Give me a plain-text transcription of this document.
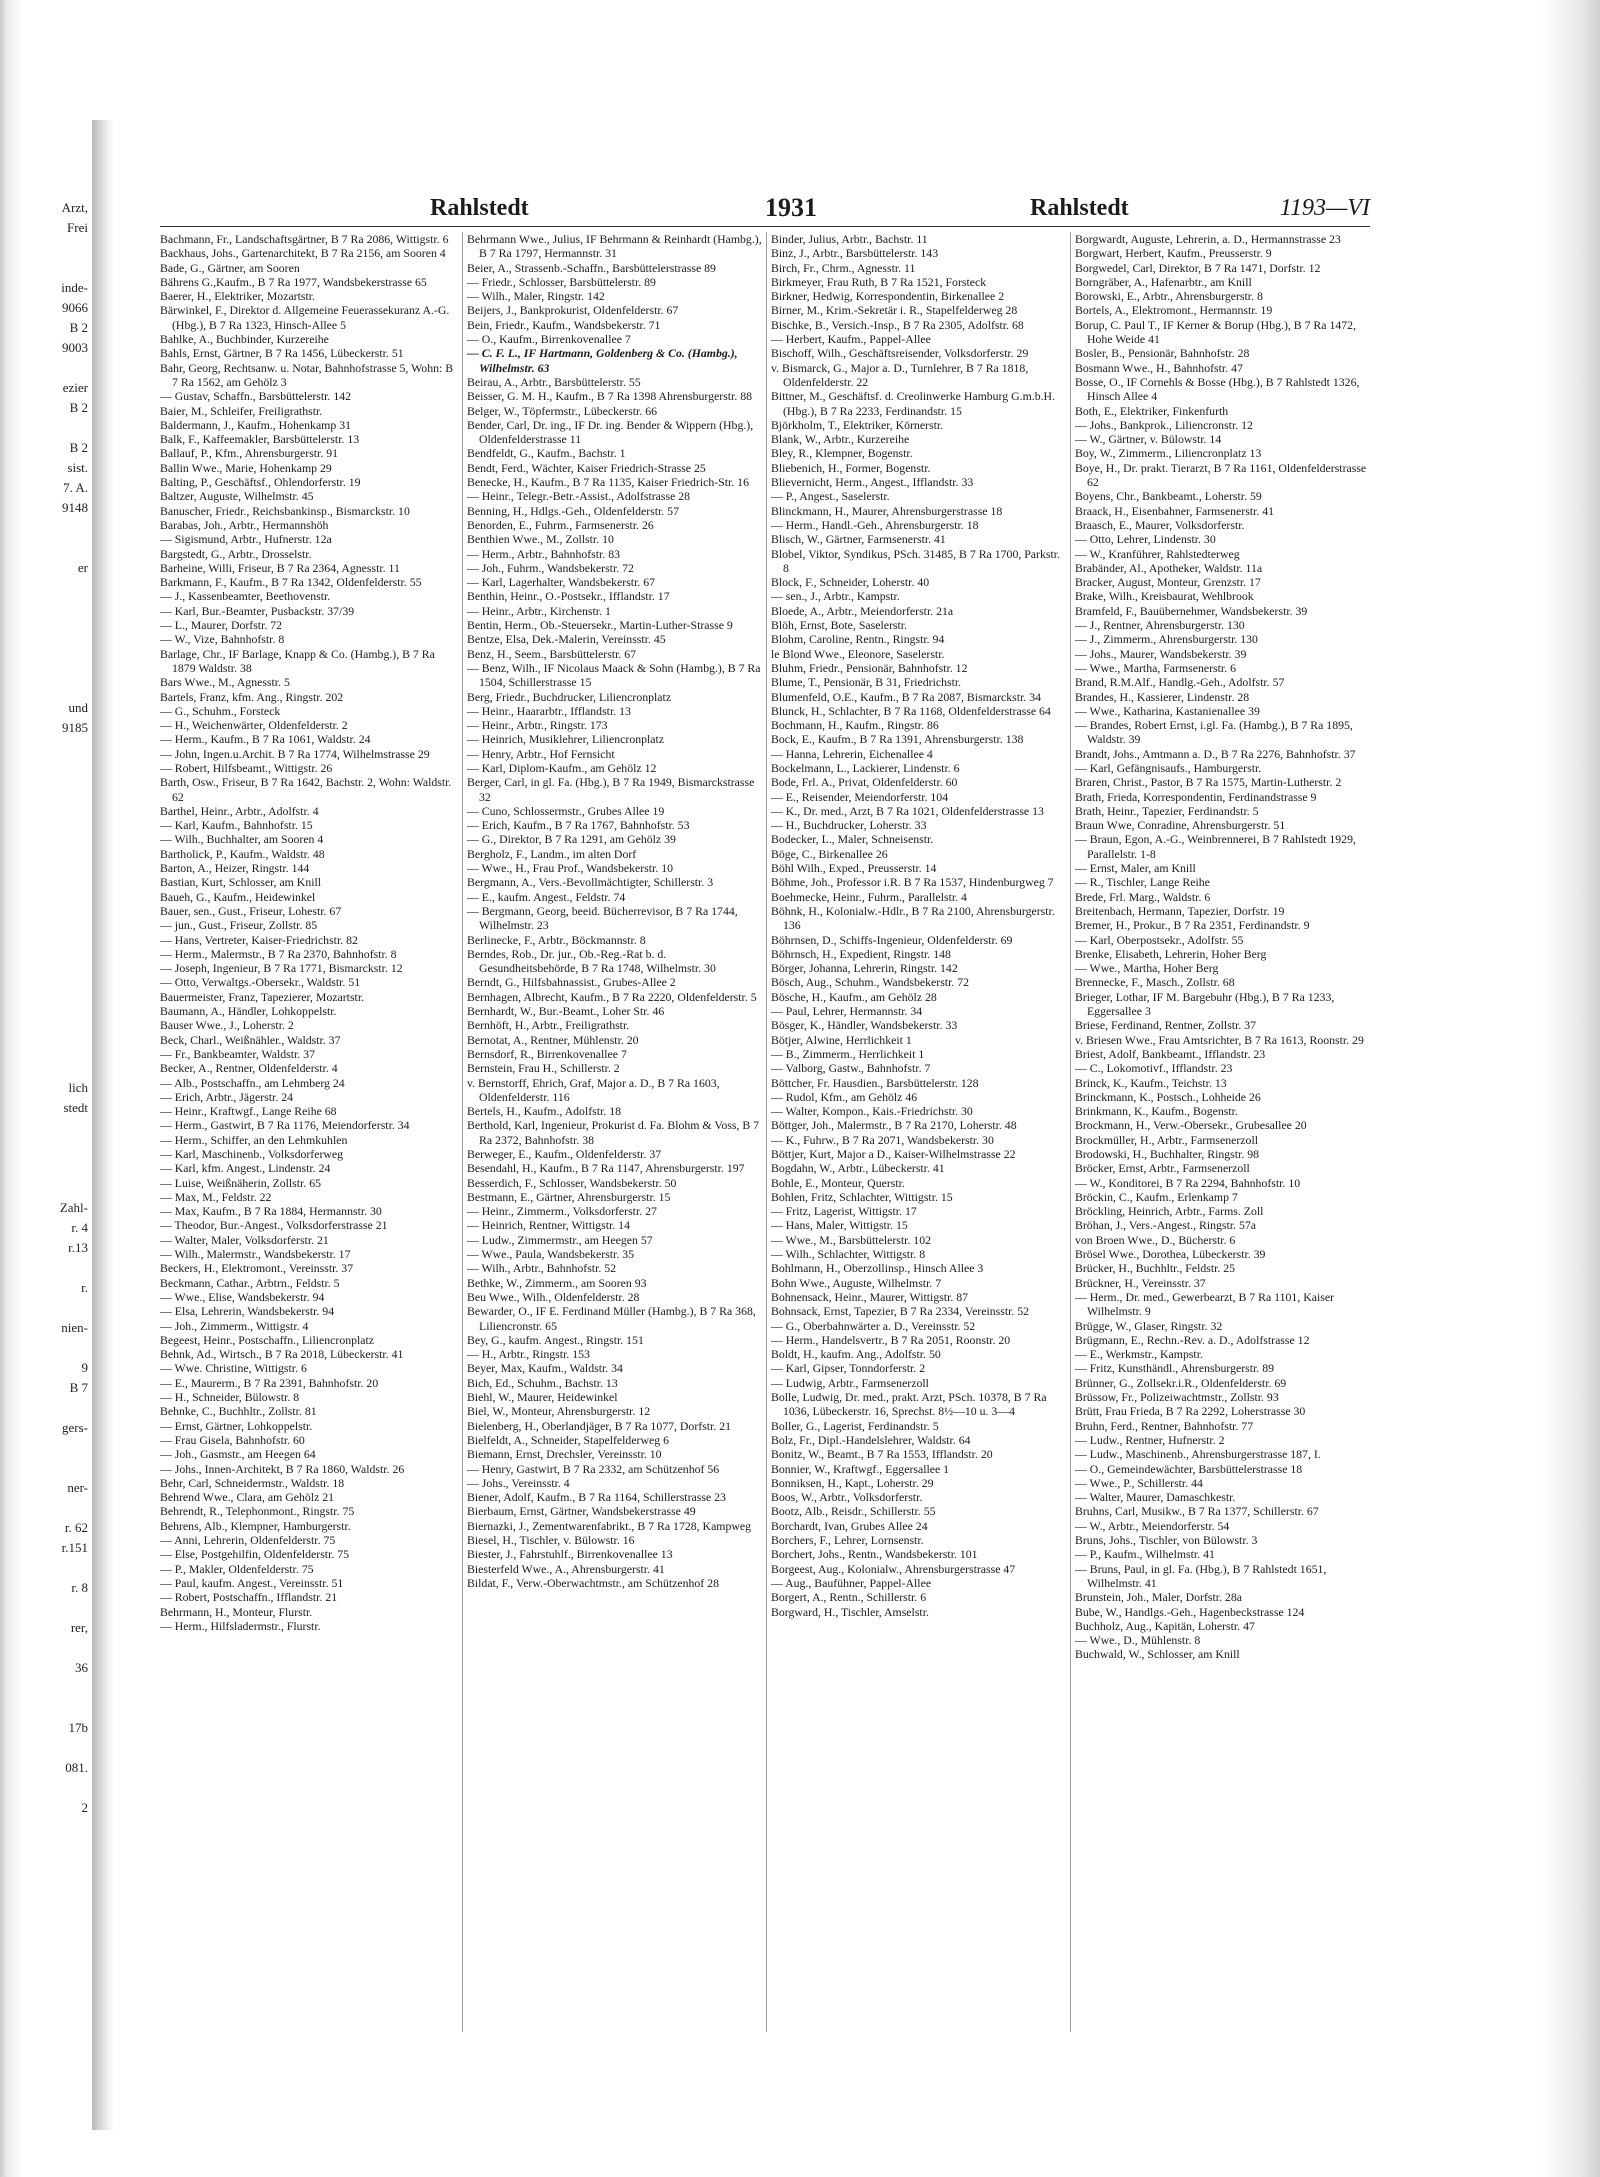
Arzt,
Frei
inde-
9066
B 2
9003
ezier
B 2
B 2
sist.
7. A.
9148
er
und
9185
lich
stedt
Zahl-
r. 4
r.13
r.
nien-
9
B 7
gers-
ner-
r. 62
r.151
r. 8
rer,
36
17b
081.
2
Rahlstedt	1931	Rahlstedt	1193—VI

Bachmann, Fr., Landschaftsgärtner, B 7 Ra 2086, Wittigstr. 6

Backhaus, Johs., Gartenarchitekt, B 7 Ra 2156, am Sooren 4

Bade, G., Gärtner, am Sooren

Bährens G.,Kaufm., B 7 Ra 1977, Wandsbekerstrasse 65

Baerer, H., Elektriker, Mozartstr.

Bärwinkel, F., Direktor d. Allgemeine Feuerassekuranz A.-G. (Hbg.), B 7 Ra 1323, Hinsch-Allee 5

Bahlke, A., Buchbinder, Kurzereihe

Bahls, Ernst, Gärtner, B 7 Ra 1456, Lübeckerstr. 51

Bahr, Georg, Rechtsanw. u. Notar, Bahnhofstrasse 5, Wohn: B 7 Ra 1562, am Gehölz 3

— Gustav, Schaffn., Barsbüttelerstr. 142

Baier, M., Schleifer, Freiligrathstr.

Baldermann, J., Kaufm., Hohenkamp 31

Balk, F., Kaffeemakler, Barsbüttelerstr. 13

Ballauf, P., Kfm., Ahrensburgerstr. 91

Ballin Wwe., Marie, Hohenkamp 29

Balting, P., Geschäftsf., Ohlendorferstr. 19

Baltzer, Auguste, Wilhelmstr. 45

Banuscher, Friedr., Reichsbankinsp., Bismarckstr. 10

Barabas, Joh., Arbtr., Hermannshöh

— Sigismund, Arbtr., Hufnerstr. 12a

Bargstedt, G., Arbtr., Drosselstr.

Barheine, Willi, Friseur, B 7 Ra 2364, Agnesstr. 11

Barkmann, F., Kaufm., B 7 Ra 1342, Oldenfelderstr. 55

— J., Kassenbeamter, Beethovenstr.

— Karl, Bur.-Beamter, Pusbackstr. 37/39

— L., Maurer, Dorfstr. 72

— W., Vize, Bahnhofstr. 8

Barlage, Chr., IF Barlage, Knapp & Co. (Hambg.), B 7 Ra 1879 Waldstr. 38

Bars Wwe., M., Agnesstr. 5

Bartels, Franz, kfm. Ang., Ringstr. 202

— G., Schuhm., Forsteck

— H., Weichenwärter, Oldenfelderstr. 2

— Herm., Kaufm., B 7 Ra 1061, Waldstr. 24

— John, Ingen.u.Archit. B 7 Ra 1774, Wilhelmstrasse 29

— Robert, Hilfsbeamt., Wittigstr. 26

Barth, Osw., Friseur, B 7 Ra 1642, Bachstr. 2, Wohn: Waldstr. 62

Barthel, Heinr., Arbtr., Adolfstr. 4

— Karl, Kaufm., Bahnhofstr. 15

— Wilh., Buchhalter, am Sooren 4

Bartholick, P., Kaufm., Waldstr. 48

Barton, A., Heizer, Ringstr. 144

Bastian, Kurt, Schlosser, am Knill

Baueh, G., Kaufm., Heidewinkel

Bauer, sen., Gust., Friseur, Lohestr. 67

— jun., Gust., Friseur, Zollstr. 85

— Hans, Vertreter, Kaiser-Friedrichstr. 82

— Herm., Malermstr., B 7 Ra 2370, Bahnhofstr. 8

— Joseph, Ingenieur, B 7 Ra 1771, Bismarckstr. 12

— Otto, Verwaltgs.-Obersekr., Waldstr. 51

Bauermeister, Franz, Tapezierer, Mozartstr.

Baumann, A., Händler, Lohkoppelstr.

Bauser Wwe., J., Loherstr. 2

Beck, Charl., Weißnähler., Waldstr. 37

— Fr., Bankbeamter, Waldstr. 37

Becker, A., Rentner, Oldenfelderstr. 4

— Alb., Postschaffn., am Lehmberg 24

— Erich, Arbtr., Jägerstr. 24

— Heinr., Kraftwgf., Lange Reihe 68

— Herm., Gastwirt, B 7 Ra 1176, Meiendorferstr. 34

— Herm., Schiffer, an den Lehmkuhlen

— Karl, Maschinenb., Volksdorferweg

— Karl, kfm. Angest., Lindenstr. 24

— Luise, Weißnäherin, Zollstr. 65

— Max, M., Feldstr. 22

— Max, Kaufm., B 7 Ra 1884, Hermannstr. 30

— Theodor, Bur.-Angest., Volksdorferstrasse 21

— Walter, Maler, Volksdorferstr. 21

— Wilh., Malermstr., Wandsbekerstr. 17

Beckers, H., Elektromont., Vereinsstr. 37

Beckmann, Cathar., Arbtrn., Feldstr. 5

— Wwe., Elise, Wandsbekerstr. 94

— Elsa, Lehrerin, Wandsbekerstr. 94

— Joh., Zimmerm., Wittigstr. 4

Begeest, Heinr., Postschaffn., Liliencronplatz

Behnk, Ad., Wirtsch., B 7 Ra 2018, Lübeckerstr. 41

— Wwe. Christine, Wittigstr. 6

— E., Maurerm., B 7 Ra 2391, Bahnhofstr. 20

— H., Schneider, Bülowstr. 8

Behnke, C., Buchhltr., Zollstr. 81

— Ernst, Gärtner, Lohkoppelstr.

— Frau Gisela, Bahnhofstr. 60

— Joh., Gasmstr., am Heegen 64

— Johs., Innen-Architekt, B 7 Ra 1860, Waldstr. 26

Behr, Carl, Schneidermstr., Waldstr. 18

Behrend Wwe., Clara, am Gehölz 21

Behrendt, R., Telephonmont., Ringstr. 75

Behrens, Alb., Klempner, Hamburgerstr.

— Anni, Lehrerin, Oldenfelderstr. 75

— Else, Postgehilfin, Oldenfelderstr. 75

— P., Makler, Oldenfelderstr. 75

— Paul, kaufm. Angest., Vereinsstr. 51

— Robert, Postschaffn., Ifflandstr. 21

Behrmann, H., Monteur, Flurstr.

— Herm., Hilfsladermstr., Flurstr.

Behrmann Wwe., Julius, IF Behrmann & Reinhardt (Hambg.), B 7 Ra 1797, Hermannstr. 31

Beier, A., Strassenb.-Schaffn., Barsbüttelerstrasse 89

— Friedr., Schlosser, Barsbüttelerstr. 89

— Wilh., Maler, Ringstr. 142

Beijers, J., Bankprokurist, Oldenfelderstr. 67

Bein, Friedr., Kaufm., Wandsbekerstr. 71

— O., Kaufm., Birrenkovenallee 7

— C. F. L., IF Hartmann, Goldenberg & Co. (Hambg.), Wilhelmstr. 63

Beirau, A., Arbtr., Barsbüttelerstr. 55

Beisser, G. M. H., Kaufm., B 7 Ra 1398 Ahrensburgerstr. 88

Belger, W., Töpfermstr., Lübeckerstr. 66

Bender, Carl, Dr. ing., IF Dr. ing. Bender & Wippern (Hbg.), Oldenfelderstrasse 11

Bendfeldt, G., Kaufm., Bachstr. 1

Bendt, Ferd., Wächter, Kaiser Friedrich-Strasse 25

Benecke, H., Kaufm., B 7 Ra 1135, Kaiser Friedrich-Str. 16

— Heinr., Telegr.-Betr.-Assist., Adolfstrasse 28

Benning, H., Hdlgs.-Geh., Oldenfelderstr. 57

Benorden, E., Fuhrm., Farmsenerstr. 26

Benthien Wwe., M., Zollstr. 10

— Herm., Arbtr., Bahnhofstr. 83

— Joh., Fuhrm., Wandsbekerstr. 72

— Karl, Lagerhalter, Wandsbekerstr. 67

Benthin, Heinr., O.-Postsekr., Ifflandstr. 17

— Heinr., Arbtr., Kirchenstr. 1

Bentin, Herm., Ob.-Steuersekr., Martin-Luther-Strasse 9

Bentze, Elsa, Dek.-Malerin, Vereinsstr. 45

Benz, H., Seem., Barsbüttelerstr. 67

— Benz, Wilh., IF Nicolaus Maack & Sohn (Hambg.), B 7 Ra 1504, Schillerstrasse 15

Berg, Friedr., Buchdrucker, Liliencronplatz

— Heinr., Haararbtr., Ifflandstr. 13

— Heinr., Arbtr., Ringstr. 173

— Heinrich, Musiklehrer, Liliencronplatz

— Henry, Arbtr., Hof Fernsicht

— Karl, Diplom-Kaufm., am Gehölz 12

Berger, Carl, in gl. Fa. (Hbg.), B 7 Ra 1949, Bismarckstrasse 32

— Cuno, Schlossermstr., Grubes Allee 19

— Erich, Kaufm., B 7 Ra 1767, Bahnhofstr. 53

— G., Direktor, B 7 Ra 1291, am Gehölz 39

Bergholz, F., Landm., im alten Dorf

— Wwe., H., Frau Prof., Wandsbekerstr. 10

Bergmann, A., Vers.-Bevollmächtigter, Schillerstr. 3

— E., kaufm. Angest., Feldstr. 74

— Bergmann, Georg, beeid. Bücherrevisor, B 7 Ra 1744, Wilhelmstr. 23

Berlinecke, F., Arbtr., Böckmannstr. 8

Berndes, Rob., Dr. jur., Ob.-Reg.-Rat b. d. Gesundheitsbehörde, B 7 Ra 1748, Wilhelmstr. 30

Berndt, G., Hilfsbahnassist., Grubes-Allee 2

Bernhagen, Albrecht, Kaufm., B 7 Ra 2220, Oldenfelderstr. 5

Bernhardt, W., Bur.-Beamt., Loher Str. 46

Bernhöft, H., Arbtr., Freiligrathstr.

Bernotat, A., Rentner, Mühlenstr. 20

Bernsdorf, R., Birrenkovenallee 7

Bernstein, Frau H., Schillerstr. 2

v. Bernstorff, Ehrich, Graf, Major a. D., B 7 Ra 1603, Oldenfelderstr. 116

Bertels, H., Kaufm., Adolfstr. 18

Berthold, Karl, Ingenieur, Prokurist d. Fa. Blohm & Voss, B 7 Ra 2372, Bahnhofstr. 38

Berweger, E., Kaufm., Oldenfelderstr. 37

Besendahl, H., Kaufm., B 7 Ra 1147, Ahrensburgerstr. 197

Besserdich, F., Schlosser, Wandsbekerstr. 50

Bestmann, E., Gärtner, Ahrensburgerstr. 15

— Heinr., Zimmerm., Volksdorferstr. 27

— Heinrich, Rentner, Wittigstr. 14

— Ludw., Zimmermstr., am Heegen 57

— Wwe., Paula, Wandsbekerstr. 35

— Wilh., Arbtr., Bahnhofstr. 52

Bethke, W., Zimmerm., am Sooren 93

Beu Wwe., Wilh., Oldenfelderstr. 28

Bewarder, O., IF E. Ferdinand Müller (Hambg.), B 7 Ra 368, Liliencronstr. 65

Bey, G., kaufm. Angest., Ringstr. 151

— H., Arbtr., Ringstr. 153

Beyer, Max, Kaufm., Waldstr. 34

Bich, Ed., Schuhm., Bachstr. 13

Biehl, W., Maurer, Heidewinkel

Biel, W., Monteur, Ahrensburgerstr. 12

Bielenberg, H., Oberlandjäger, B 7 Ra 1077, Dorfstr. 21

Bielfeldt, A., Schneider, Stapelfelderweg 6

Biemann, Ernst, Drechsler, Vereinsstr. 10

— Henry, Gastwirt, B 7 Ra 2332, am Schützenhof 56

— Johs., Vereinsstr. 4

Biener, Adolf, Kaufm., B 7 Ra 1164, Schillerstrasse 23

Bierbaum, Ernst, Gärtner, Wandsbekerstrasse 49

Biernazki, J., Zementwarenfabrikt., B 7 Ra 1728, Kampweg

Biesel, H., Tischler, v. Bülowstr. 16

Biester, J., Fahrstuhlf., Birrenkovenallee 13

Biesterfeld Wwe., A., Ahrensburgerstr. 41

Bildat, F., Verw.-Oberwachtmstr., am Schützenhof 28

Binder, Julius, Arbtr., Bachstr. 11

Binz, J., Arbtr., Barsbüttelerstr. 143

Birch, Fr., Chrm., Agnesstr. 11

Birkmeyer, Frau Ruth, B 7 Ra 1521, Forsteck

Birkner, Hedwig, Korrespondentin, Birkenallee 2

Birner, M., Krim.-Sekretär i. R., Stapelfelderweg 28

Bischke, B., Versich.-Insp., B 7 Ra 2305, Adolfstr. 68

— Herbert, Kaufm., Pappel-Allee

Bischoff, Wilh., Geschäftsreisender, Volksdorferstr. 29

v. Bismarck, G., Major a. D., Turnlehrer, B 7 Ra 1818, Oldenfelderstr. 22

Bittner, M., Geschäftsf. d. Creolinwerke Hamburg G.m.b.H. (Hbg.), B 7 Ra 2233, Ferdinandstr. 15

Björkholm, T., Elektriker, Körnerstr.

Blank, W., Arbtr., Kurzereihe

Bley, R., Klempner, Bogenstr.

Bliebenich, H., Former, Bogenstr.

Blievernicht, Herm., Angest., Ifflandstr. 33

— P., Angest., Saselerstr.

Blinckmann, H., Maurer, Ahrensburgerstrasse 18

— Herm., Handl.-Geh., Ahrensburgerstr. 18

Blisch, W., Gärtner, Farmsenerstr. 41

Blobel, Viktor, Syndikus, PSch. 31485, B 7 Ra 1700, Parkstr. 8

Block, F., Schneider, Loherstr. 40

— sen., J., Arbtr., Kampstr.

Bloede, A., Arbtr., Meiendorferstr. 21a

Blöh, Ernst, Bote, Saselerstr.

Blohm, Caroline, Rentn., Ringstr. 94

le Blond Wwe., Eleonore, Saselerstr.

Bluhm, Friedr., Pensionär, Bahnhofstr. 12

Blume, T., Pensionär, B 31, Friedrichstr.

Blumenfeld, O.E., Kaufm., B 7 Ra 2087, Bismarckstr. 34

Blunck, H., Schlachter, B 7 Ra 1168, Oldenfelderstrasse 64

Bochmann, H., Kaufm., Ringstr. 86

Bock, E., Kaufm., B 7 Ra 1391, Ahrensburgerstr. 138

— Hanna, Lehrerin, Eichenallee 4

Bockelmann, L., Lackierer, Lindenstr. 6

Bode, Frl. A., Privat, Oldenfelderstr. 60

— E., Reisender, Meiendorferstr. 104

— K., Dr. med., Arzt, B 7 Ra 1021, Oldenfelderstrasse 13

— H., Buchdrucker, Loherstr. 33

Bodecker, L., Maler, Schneisenstr.

Böge, C., Birkenallee 26

Böhl Wilh., Exped., Preusserstr. 14

Böhme, Joh., Professor i.R. B 7 Ra 1537, Hindenburgweg 7

Boehmecke, Heinr., Fuhrm., Parallelstr. 4

Böhnk, H., Kolonialw.-Hdlr., B 7 Ra 2100, Ahrensburgerstr. 136

Böhrnsen, D., Schiffs-Ingenieur, Oldenfelderstr. 69

Böhrnsch, H., Expedient, Ringstr. 148

Börger, Johanna, Lehrerin, Ringstr. 142

Bösch, Aug., Schuhm., Wandsbekerstr. 72

Bösche, H., Kaufm., am Gehölz 28

— Paul, Lehrer, Hermannstr. 34

Bösger, K., Händler, Wandsbekerstr. 33

Bötjer, Alwine, Herrlichkeit 1

— B., Zimmerm., Herrlichkeit 1

— Valborg, Gastw., Bahnhofstr. 7

Böttcher, Fr. Hausdien., Barsbüttelerstr. 128

— Rudol, Kfm., am Gehölz 46

— Walter, Kompon., Kais.-Friedrichstr. 30

Böttger, Joh., Malermstr., B 7 Ra 2170, Loherstr. 48

— K., Fuhrw., B 7 Ra 2071, Wandsbekerstr. 30

Böttjer, Kurt, Major a D., Kaiser-Wilhelmstrasse 22

Bogdahn, W., Arbtr., Lübeckerstr. 41

Bohle, E., Monteur, Querstr.

Bohlen, Fritz, Schlachter, Wittigstr. 15

— Fritz, Lagerist, Wittigstr. 17

— Hans, Maler, Wittigstr. 15

— Wwe., M., Barsbüttelerstr. 102

— Wilh., Schlachter, Wittigstr. 8

Bohlmann, H., Oberzollinsp., Hinsch Allee 3

Bohn Wwe., Auguste, Wilhelmstr. 7

Bohnensack, Heinr., Maurer, Wittigstr. 87

Bohnsack, Ernst, Tapezier, B 7 Ra 2334, Vereinsstr. 52

— G., Oberbahnwärter a. D., Vereinsstr. 52

— Herm., Handelsvertr., B 7 Ra 2051, Roonstr. 20

Boldt, H., kaufm. Ang., Adolfstr. 50

— Karl, Gipser, Tonndorferstr. 2

— Ludwig, Arbtr., Farmsenerzoll

Bolle, Ludwig, Dr. med., prakt. Arzt, PSch. 10378, B 7 Ra 1036, Lübeckerstr. 16, Sprechst. 8½—10 u. 3—4

Boller, G., Lagerist, Ferdinandstr. 5

Bolz, Fr., Dipl.-Handelslehrer, Waldstr. 64

Bonitz, W., Beamt., B 7 Ra 1553, Ifflandstr. 20

Bonnier, W., Kraftwgf., Eggersallee 1

Bonniksen, H., Kapt., Loherstr. 29

Boos, W., Arbtr., Volksdorferstr.

Bootz, Alb., Reisdr., Schillerstr. 55

Borchardt, Ivan, Grubes Allee 24

Borchers, F., Lehrer, Lornsenstr.

Borchert, Johs., Rentn., Wandsbekerstr. 101

Borgeest, Aug., Kolonialw., Ahrensburgerstrasse 47

— Aug., Baufühner, Pappel-Allee

Borgert, A., Rentn., Schillerstr. 6

Borgward, H., Tischler, Amselstr.

Borgwardt, Auguste, Lehrerin, a. D., Hermannstrasse 23

Borgwart, Herbert, Kaufm., Preusserstr. 9

Borgwedel, Carl, Direktor, B 7 Ra 1471, Dorfstr. 12

Borngräber, A., Hafenarbtr., am Knill

Borowski, E., Arbtr., Ahrensburgerstr. 8

Bortels, A., Elektromont., Hermannstr. 19

Borup, C. Paul T., IF Kerner & Borup (Hbg.), B 7 Ra 1472, Hohe Weide 41

Bosler, B., Pensionär, Bahnhofstr. 28

Bosmann Wwe., H., Bahnhofstr. 47

Bosse, O., IF Cornehls & Bosse (Hbg.), B 7 Rahlstedt 1326, Hinsch Allee 4

Both, E., Elektriker, Finkenfurth

— Johs., Bankprok., Liliencronstr. 12

— W., Gärtner, v. Bülowstr. 14

Boy, W., Zimmerm., Liliencronplatz 13

Boye, H., Dr. prakt. Tierarzt, B 7 Ra 1161, Oldenfelderstrasse 62

Boyens, Chr., Bankbeamt., Loherstr. 59

Braack, H., Eisenbahner, Farmsenerstr. 41

Braasch, E., Maurer, Volksdorferstr.

— Otto, Lehrer, Lindenstr. 30

— W., Kranführer, Rahlstedterweg

Brabänder, Al., Apotheker, Waldstr. 11a

Bracker, August, Monteur, Grenzstr. 17

Brake, Wilh., Kreisbaurat, Wehlbrook

Bramfeld, F., Bauübernehmer, Wandsbekerstr. 39

— J., Rentner, Ahrensburgerstr. 130

— J., Zimmerm., Ahrensburgerstr. 130

— Johs., Maurer, Wandsbekerstr. 39

— Wwe., Martha, Farmsenerstr. 6

Brand, R.M.Alf., Handlg.-Geh., Adolfstr. 57

Brandes, H., Kassierer, Lindenstr. 28

— Wwe., Katharina, Kastanienallee 39

— Brandes, Robert Ernst, i.gl. Fa. (Hambg.), B 7 Ra 1895, Waldstr. 39

Brandt, Johs., Amtmann a. D., B 7 Ra 2276, Bahnhofstr. 37

— Karl, Gefängnisaufs., Hamburgerstr.

Braren, Christ., Pastor, B 7 Ra 1575, Martin-Lutherstr. 2

Brath, Frieda, Korrespondentin, Ferdinandstrasse 9

Brath, Heinr., Tapezier, Ferdinandstr. 5

Braun Wwe, Conradine, Ahrensburgerstr. 51

— Braun, Egon, A.-G., Weinbrennerei, B 7 Rahlstedt 1929, Parallelstr. 1-8

— Ernst, Maler, am Knill

— R., Tischler, Lange Reihe

Brede, Frl. Marg., Waldstr. 6

Breitenbach, Hermann, Tapezier, Dorfstr. 19

Bremer, H., Prokur., B 7 Ra 2351, Ferdinandstr. 9

— Karl, Oberpostsekr., Adolfstr. 55

Brenke, Elisabeth, Lehrerin, Hoher Berg

— Wwe., Martha, Hoher Berg

Brennecke, F., Masch., Zollstr. 68

Brieger, Lothar, IF M. Bargebuhr (Hbg.), B 7 Ra 1233, Eggersallee 3

Briese, Ferdinand, Rentner, Zollstr. 37

v. Briesen Wwe., Frau Amtsrichter, B 7 Ra 1613, Roonstr. 29

Briest, Adolf, Bankbeamt., Ifflandstr. 23

— C., Lokomotivf., Ifflandstr. 23

Brinck, K., Kaufm., Teichstr. 13

Brinckmann, K., Postsch., Lohheide 26

Brinkmann, K., Kaufm., Bogenstr.

Brockmann, H., Verw.-Obersekr., Grubesallee 20

Brockmüller, H., Arbtr., Farmsenerzoll

Brodowski, H., Buchhalter, Ringstr. 98

Bröcker, Ernst, Arbtr., Farmsenerzoll

— W., Konditorei, B 7 Ra 2294, Bahnhofstr. 10

Bröckin, C., Kaufm., Erlenkamp 7

Bröckling, Heinrich, Arbtr., Farms. Zoll

Bröhan, J., Vers.-Angest., Ringstr. 57a

von Broen Wwe., D., Bücherstr. 6

Brösel Wwe., Dorothea, Lübeckerstr. 39

Brücker, H., Buchhltr., Feldstr. 25

Brückner, H., Vereinsstr. 37

— Herm., Dr. med., Gewerbearzt, B 7 Ra 1101, Kaiser Wilhelmstr. 9

Brügge, W., Glaser, Ringstr. 32

Brügmann, E., Rechn.-Rev. a. D., Adolfstrasse 12

— E., Werkmstr., Kampstr.

— Fritz, Kunsthändl., Ahrensburgerstr. 89

Brünner, G., Zollsekr.i.R., Oldenfelderstr. 69

Brüssow, Fr., Polizeiwachtmstr., Zollstr. 93

Brütt, Frau Frieda, B 7 Ra 2292, Loherstrasse 30

Bruhn, Ferd., Rentner, Bahnhofstr. 77

— Ludw., Rentner, Hufnerstr. 2

— Ludw., Maschinenb., Ahrensburgerstrasse 187, I.

— O., Gemeindewächter, Barsbüttelerstrasse 18

— Wwe., P., Schillerstr. 44

— Walter, Maurer, Damaschkestr.

Bruhns, Carl, Musikw., B 7 Ra 1377, Schillerstr. 67

— W., Arbtr., Meiendorferstr. 54

Bruns, Johs., Tischler, von Bülowstr. 3

— P., Kaufm., Wilhelmstr. 41

— Bruns, Paul, in gl. Fa. (Hbg.), B 7 Rahlstedt 1651, Wilhelmstr. 41

Brunstein, Joh., Maler, Dorfstr. 28a

Bube, W., Handlgs.-Geh., Hagenbeckstrasse 124

Buchholz, Aug., Kapitän, Loherstr. 47

— Wwe., D., Mühlenstr. 8

Buchwald, W., Schlosser, am Knill
